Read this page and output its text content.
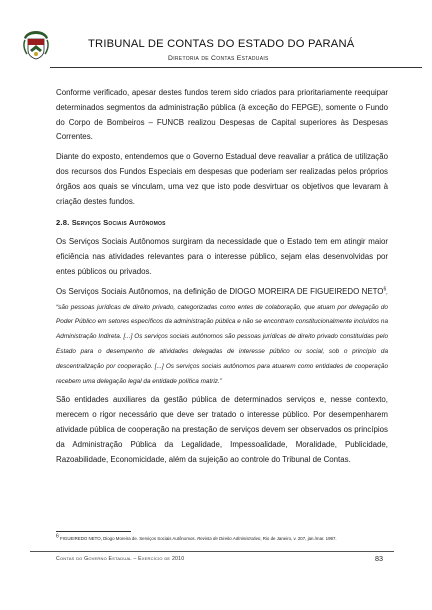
TRIBUNAL DE CONTAS DO ESTADO DO PARANÁ
Diretoria de Contas Estaduais

Conforme verificado, apesar destes fundos terem sido criados para prioritariamente reequipar determinados segmentos da administração pública (à exceção do FEPGE), somente o Fundo do Corpo de Bombeiros – FUNCB realizou Despesas de Capital superiores às Despesas Correntes.

Diante do exposto, entendemos que o Governo Estadual deve reavaliar a prática de utilização dos recursos dos Fundos Especiais em despesas que poderiam ser realizadas pelos próprios órgãos aos quais se vinculam, uma vez que isto pode desvirtuar os objetivos que levaram à criação destes fundos.

2.8. Serviços Sociais Autônomos

Os Serviços Sociais Autônomos surgiram da necessidade que o Estado tem em atingir maior eficiência nas atividades relevantes para o interesse público, sejam elas desenvolvidas por entes públicos ou privados.

Os Serviços Sociais Autônomos, na definição de DIOGO MOREIRA DE FIGUEIREDO NETO$^6$, “são pessoas jurídicas de direito privado, categorizadas como entes de colaboração, que atuam por delegação do Poder Público em setores específicos da administração pública e não se encontram constitucionalmente incluídos na Administração Indireta. [...] Os serviços sociais autônomos são pessoas jurídicas de direito privado constituídas pelo Estado para o desempenho de atividades delegadas de interesse público ou social, sob o princípio da descentralização por cooperação. [...] Os serviços sociais autônomos para atuarem como entidades de cooperação recebem uma delegação legal da entidade política matriz.”

São entidades auxiliares da gestão pública de determinados serviços e, nesse contexto, merecem o rigor necessário que deve ser tratado o interesse público. Por desempenharem atividade pública de cooperação na prestação de serviços devem ser observados os princípios da Administração Pública da Legalidade, Impessoalidade, Moralidade, Publicidade, Razoabilidade, Economicidade, além da sujeição ao controle do Tribunal de Contas.

$^6$ FIGUEIREDO NETO, Diogo Moreira de. Serviços Sociais Autônomos. Revista de Direito Administrativo, Rio de Janeiro, v. 207, jan./mar. 1997.
Contas do Governo Estadual – Exercício de 2010	83
